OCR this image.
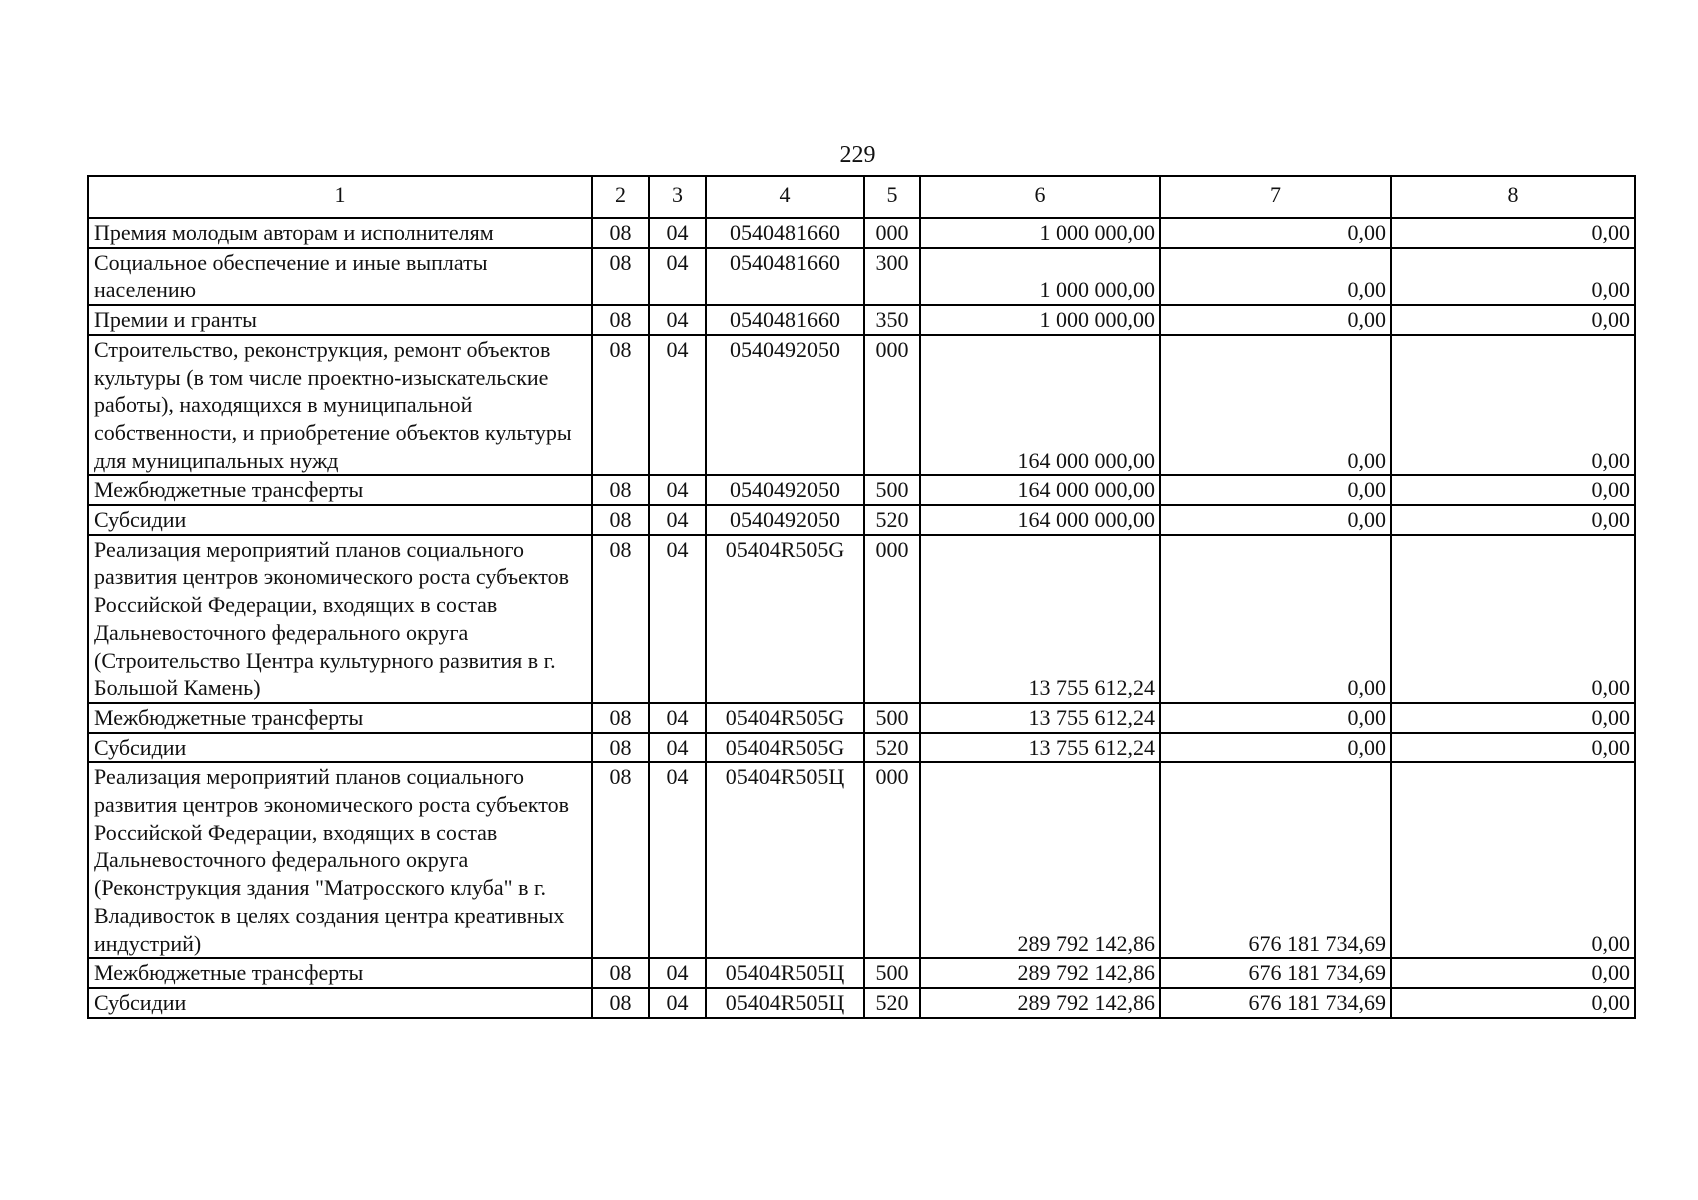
229
1	2	3	4	5	6	7	8
Премия молодым авторам и исполнителям	08	04	0540481660	000	1 000 000,00	0,00	0,00
Социальное обеспечение и иные выплаты населению	08	04	0540481660	300	1 000 000,00	0,00	0,00
Премии и гранты	08	04	0540481660	350	1 000 000,00	0,00	0,00
Строительство, реконструкция, ремонт объектов культуры (в том числе проектно-изыскательские работы), находящихся в муниципальной собственности, и приобретение объектов культуры для муниципальных нужд	08	04	0540492050	000	164 000 000,00	0,00	0,00
Межбюджетные трансферты	08	04	0540492050	500	164 000 000,00	0,00	0,00
Субсидии	08	04	0540492050	520	164 000 000,00	0,00	0,00
Реализация мероприятий планов социального развития центров экономического роста субъектов Российской Федерации, входящих в состав Дальневосточного федерального округа (Строительство Центра культурного развития в г. Большой Камень)	08	04	05404R505G	000	13 755 612,24	0,00	0,00
Межбюджетные трансферты	08	04	05404R505G	500	13 755 612,24	0,00	0,00
Субсидии	08	04	05404R505G	520	13 755 612,24	0,00	0,00
Реализация мероприятий планов социального развития центров экономического роста субъектов Российской Федерации, входящих в состав Дальневосточного федерального округа (Реконструкция здания "Матросского клуба" в г. Владивосток в целях создания центра креативных индустрий)	08	04	05404R505Ц	000	289 792 142,86	676 181 734,69	0,00
Межбюджетные трансферты	08	04	05404R505Ц	500	289 792 142,86	676 181 734,69	0,00
Субсидии	08	04	05404R505Ц	520	289 792 142,86	676 181 734,69	0,00
